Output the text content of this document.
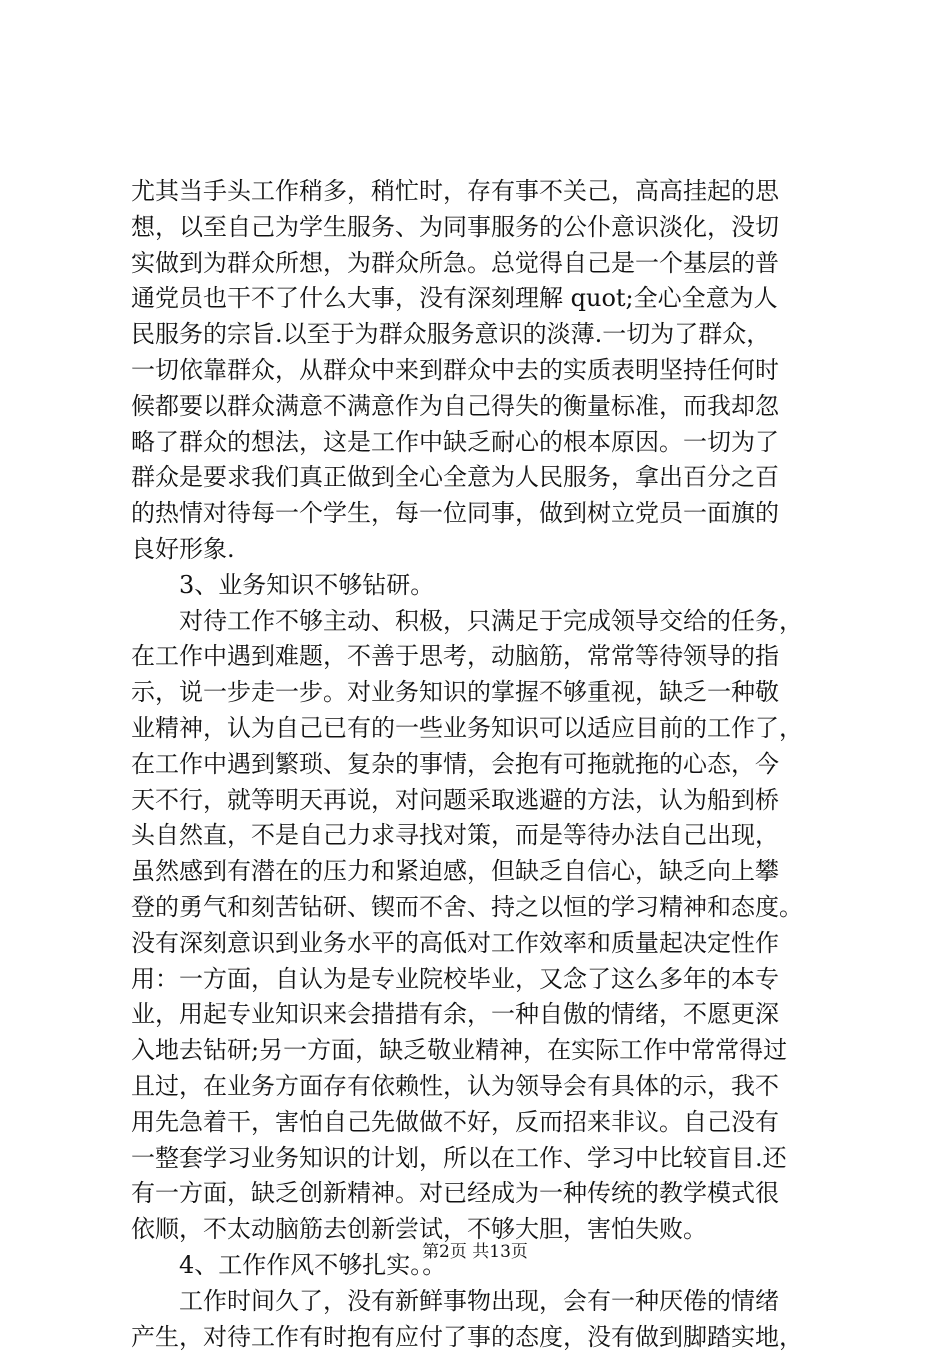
尤其当手头工作稍多，稍忙时，存有事不关己，高高挂起的思
想，以至自己为学生服务、为同事服务的公仆意识淡化，没切
实做到为群众所想，为群众所急。总觉得自己是一个基层的普
通党员也干不了什么大事，没有深刻理解 quot;全心全意为人
民服务的宗旨.以至于为群众服务意识的淡薄.一切为了群众，
一切依靠群众，从群众中来到群众中去的实质表明坚持任何时
候都要以群众满意不满意作为自己得失的衡量标准，而我却忽
略了群众的想法，这是工作中缺乏耐心的根本原因。一切为了
群众是要求我们真正做到全心全意为人民服务，拿出百分之百
的热情对待每一个学生，每一位同事，做到树立党员一面旗的
良好形象.
　　3、业务知识不够钻研。
　　对待工作不够主动、积极，只满足于完成领导交给的任务，
在工作中遇到难题，不善于思考，动脑筋，常常等待领导的指
示，说一步走一步。对业务知识的掌握不够重视，缺乏一种敬
业精神，认为自己已有的一些业务知识可以适应目前的工作了，
在工作中遇到繁琐、复杂的事情，会抱有可拖就拖的心态，今
天不行，就等明天再说，对问题采取逃避的方法，认为船到桥
头自然直，不是自己力求寻找对策，而是等待办法自己出现，
虽然感到有潜在的压力和紧迫感，但缺乏自信心，缺乏向上攀
登的勇气和刻苦钻研、锲而不舍、持之以恒的学习精神和态度。
没有深刻意识到业务水平的高低对工作效率和质量起决定性作
用：一方面，自认为是专业院校毕业，又念了这么多年的本专
业，用起专业知识来会措措有余，一种自傲的情绪，不愿更深
入地去钻研;另一方面，缺乏敬业精神，在实际工作中常常得过
且过，在业务方面存有依赖性，认为领导会有具体的示，我不
用先急着干，害怕自己先做做不好，反而招来非议。自己没有
一整套学习业务知识的计划，所以在工作、学习中比较盲目.还
有一方面，缺乏创新精神。对已经成为一种传统的教学模式很
依顺，不太动脑筋去创新尝试，不够大胆，害怕失败。
　　4、工作作风不够扎实。。
　　工作时间久了，没有新鲜事物出现，会有一种厌倦的情绪
产生，对待工作有时抱有应付了事的态度，没有做到脚踏实地，
第2页 共13页
